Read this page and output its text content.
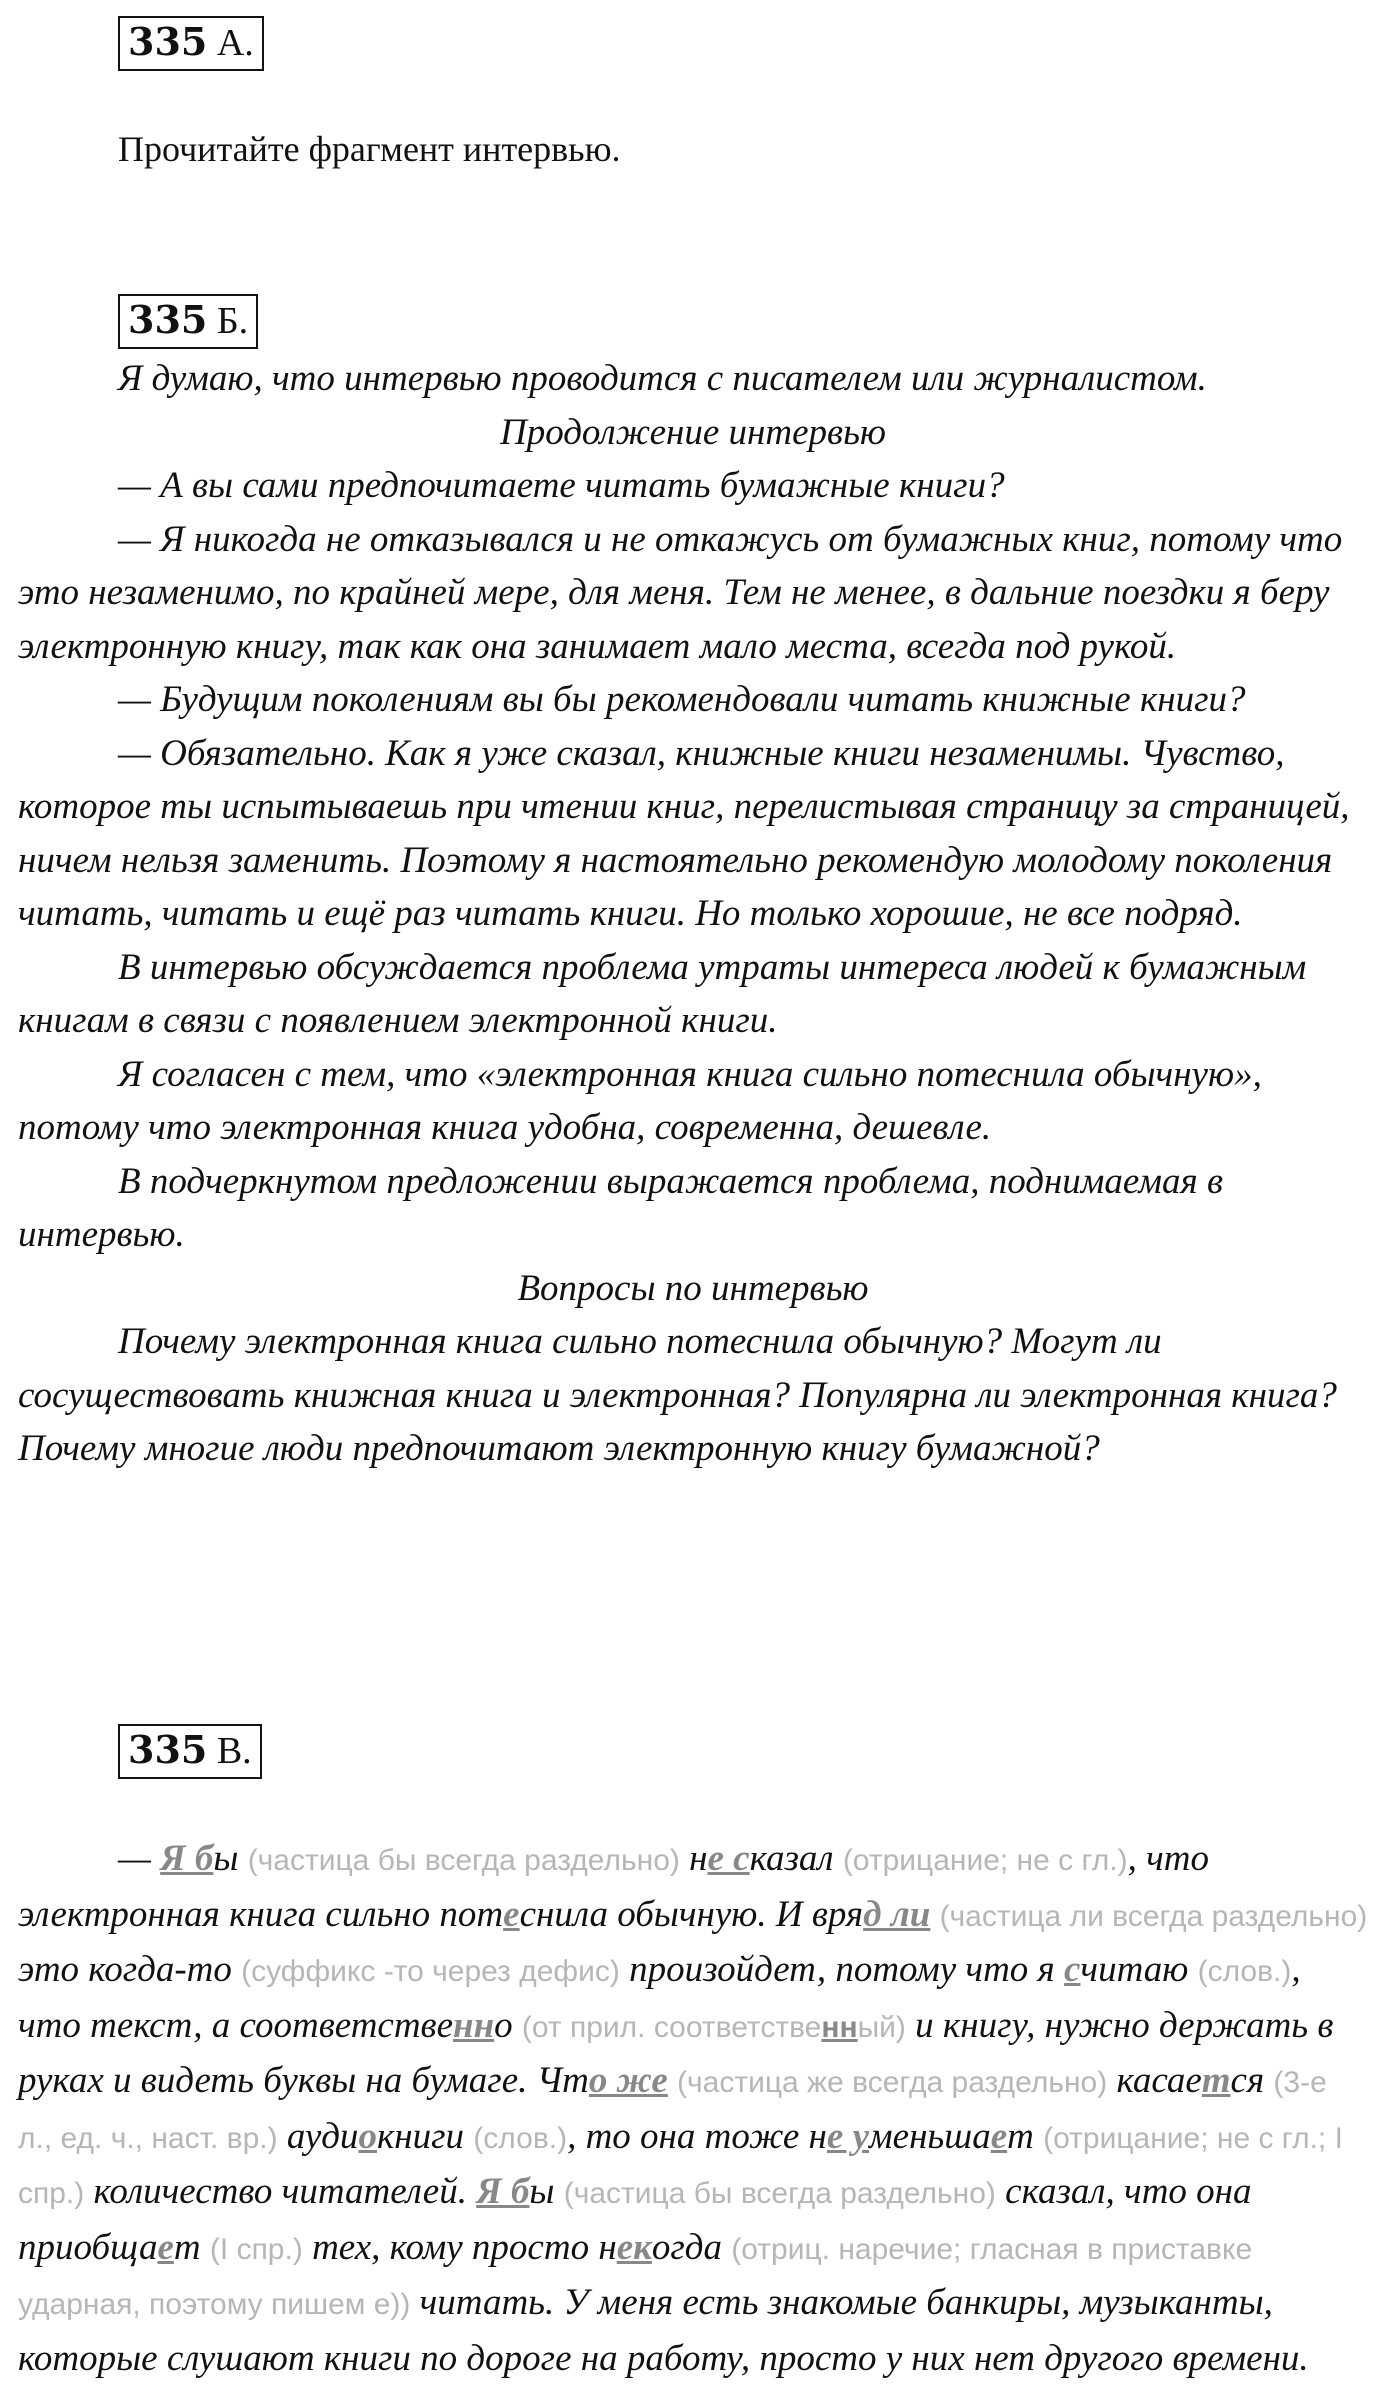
335 А.
Прочитайте фрагмент интервью.
335 Б.
Я думаю, что интервью проводится с писателем или журналистом.
Продолжение интервью
— А вы сами предпочитаете читать бумажные книги?
— Я никогда не отказывался и не откажусь от бумажных книг, потому что это незаменимо, по крайней мере, для меня. Тем не менее, в дальние поездки я беру электронную книгу, так как она занимает мало места, всегда под рукой.
— Будущим поколениям вы бы рекомендовали читать книжные книги?
— Обязательно. Как я уже сказал, книжные книги незаменимы. Чувство, которое ты испытываешь при чтении книг, перелистывая страницу за страницей, ничем нельзя заменить. Поэтому я настоятельно рекомендую молодому поколения читать, читать и ещё раз читать книги. Но только хорошие, не все подряд.
В интервью обсуждается проблема утраты интереса людей к бумажным книгам в связи с появлением электронной книги.
Я согласен с тем, что «электронная книга сильно потеснила обычную», потому что электронная книга удобна, современна, дешевле.
В подчеркнутом предложении выражается проблема, поднимаемая в интервью.
Вопросы по интервью
Почему электронная книга сильно потеснила обычную? Могут ли сосуществовать книжная книга и электронная? Популярна ли электронная книга? Почему многие люди предпочитают электронную книгу бумажной?
335 В.
— Я бы (частица бы всегда раздельно) не сказал (отрицание; не с гл.), что электронная книга сильно потеснила обычную. И вряд ли (частица ли всегда раздельно) это когда-то (суффикс -то через дефис) произойдет, потому что я считаю (слов.), что текст, а соответственно (от прил. соответственный) и книгу, нужно держать в руках и видеть буквы на бумаге. Что же (частица же всегда раздельно) касается (3-е л., ед. ч., наст. вр.) аудиокниги (слов.), то она тоже не уменьшает (отрицание; не с гл.; I спр.) количество читателей. Я бы (частица бы всегда раздельно) сказал, что она приобщает (I спр.) тех, кому просто некогда (отриц. наречие; гласная в приставке ударная, поэтому пишем е)) читать. У меня есть знакомые банкиры, музыканты, которые слушают книги по дороге на работу, просто у них нет другого времени.
